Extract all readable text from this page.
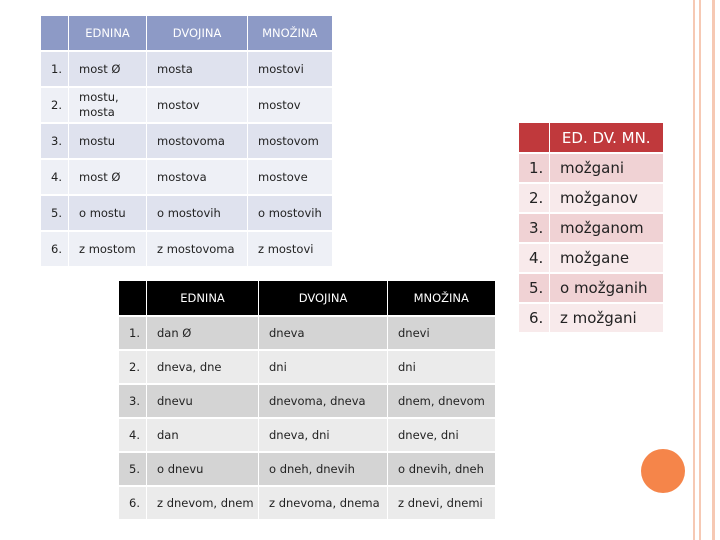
	EDNINA	DVOJINA	MNOŽINA
1.	most Ø	mosta	mostovi
2.	mostu, mosta	mostov	mostov
3.	mostu	mostovoma	mostovom
4.	most Ø	mostova	mostove
5.	o mostu	o mostovih	o mostovih
6.	z mostom	z mostovoma	z mostovi
	EDNINA	DVOJINA	MNOŽINA
1.	dan Ø	dneva	dnevi
2.	dneva, dne	dni	dni
3.	dnevu	dnevoma, dneva	dnem, dnevom
4.	dan	dneva, dni	dneve, dni
5.	o dnevu	o dneh, dnevih	o dnevih, dneh
6.	z dnevom, dnem	z dnevoma, dnema	z dnevi, dnemi
	ED. DV. MN.
1.	možgani
2.	možganov
3.	možganom
4.	možgane
5.	o možganih
6.	z možgani
